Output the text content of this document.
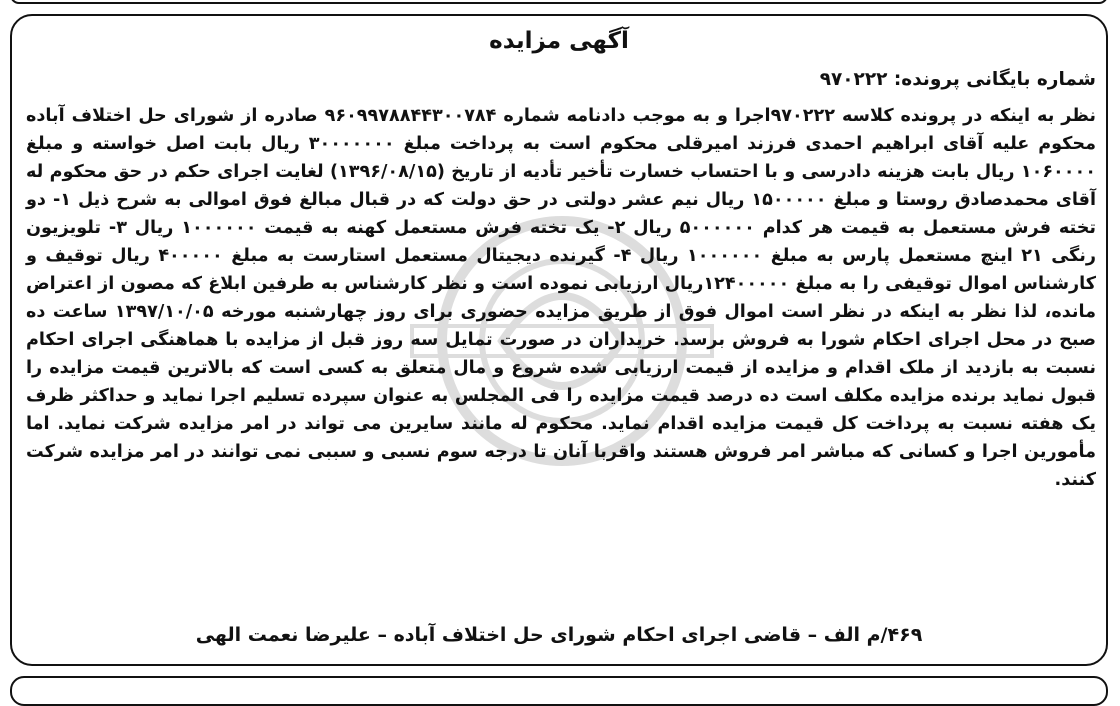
آگهی مزایده

شماره بایگانی پرونده: ۹۷۰۲۲۲

نظر به اینکه در پرونده کلاسه ۹۷۰۲۲۲اجرا و به موجب دادنامه شماره ۹۶۰۹۹۷۸۸۴۴۳۰۰۷۸۴ صادره از شورای حل اختلاف آباده محکوم علیه آقای ابراهیم احمدی فرزند امیرقلی محکوم است به پرداخت مبلغ ۳۰۰۰۰۰۰۰ ریال بابت اصل خواسته و مبلغ ۱۰۶۰۰۰۰ ریال بابت هزینه دادرسی و با احتساب خسارت تأخیر تأدیه از تاریخ (۱۳۹۶/۰۸/۱۵) لغایت اجرای حکم در حق محکوم له آقای محمدصادق روستا و مبلغ ۱۵۰۰۰۰۰ ریال نیم عشر دولتی در حق دولت که در قبال مبالغ فوق اموالی به شرح ذیل ۱- دو تخته فرش مستعمل به قیمت هر کدام ۵۰۰۰۰۰۰ ریال ۲- یک تخته فرش مستعمل کهنه به قیمت ۱۰۰۰۰۰۰ ریال ۳- تلویزیون رنگی ۲۱ اینچ مستعمل پارس به مبلغ ۱۰۰۰۰۰۰ ریال ۴- گیرنده دیجیتال مستعمل استارست به مبلغ ۴۰۰۰۰۰ ریال توقیف و کارشناس اموال توقیفی را به مبلغ ۱۲۴۰۰۰۰۰ریال ارزیابی نموده است و نظر کارشناس به طرفین ابلاغ که مصون از اعتراض مانده، لذا نظر به اینکه در نظر است اموال فوق از طریق مزایده حضوری برای روز چهارشنبه مورخه ۱۳۹۷/۱۰/۰۵ ساعت ده صبح در محل اجرای احکام شورا به فروش برسد. خریداران در صورت تمایل سه روز قبل از مزایده با هماهنگی اجرای احکام نسبت به بازدید از ملک اقدام و مزایده از قیمت ارزیابی شده شروع و مال متعلق به کسی است که بالاترین قیمت مزایده را قبول نماید برنده مزایده مکلف است ده درصد قیمت مزایده را فی المجلس به عنوان سپرده تسلیم اجرا نماید و حداکثر ظرف یک هفته نسبت به پرداخت کل قیمت مزایده اقدام نماید. محکوم له مانند سایرین می تواند در امر مزایده شرکت نماید. اما مأمورین اجرا و کسانی که مباشر امر فروش هستند واقربا آنان تا درجه سوم نسبی و سببی نمی توانند در امر مزایده شرکت کنند.

۴۶۹/م الف – قاضی اجرای احکام شورای حل اختلاف آباده – علیرضا نعمت الهی
